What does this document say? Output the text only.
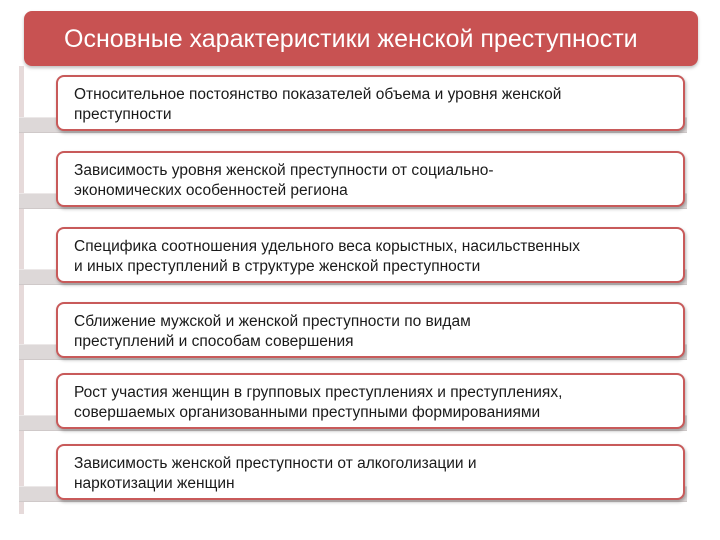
Основные характеристики женской преступности
Относительное постоянство показателей объема и уровня женской
преступности
Зависимость уровня женской преступности от социально-
экономических особенностей региона
Специфика соотношения удельного веса корыстных, насильственных
и иных преступлений в структуре женской преступности
Сближение мужской и женской преступности по видам
преступлений и способам совершения
Рост участия женщин в групповых преступлениях и преступлениях,
совершаемых организованными преступными формированиями
Зависимость женской преступности от алкоголизации и
наркотизации женщин
